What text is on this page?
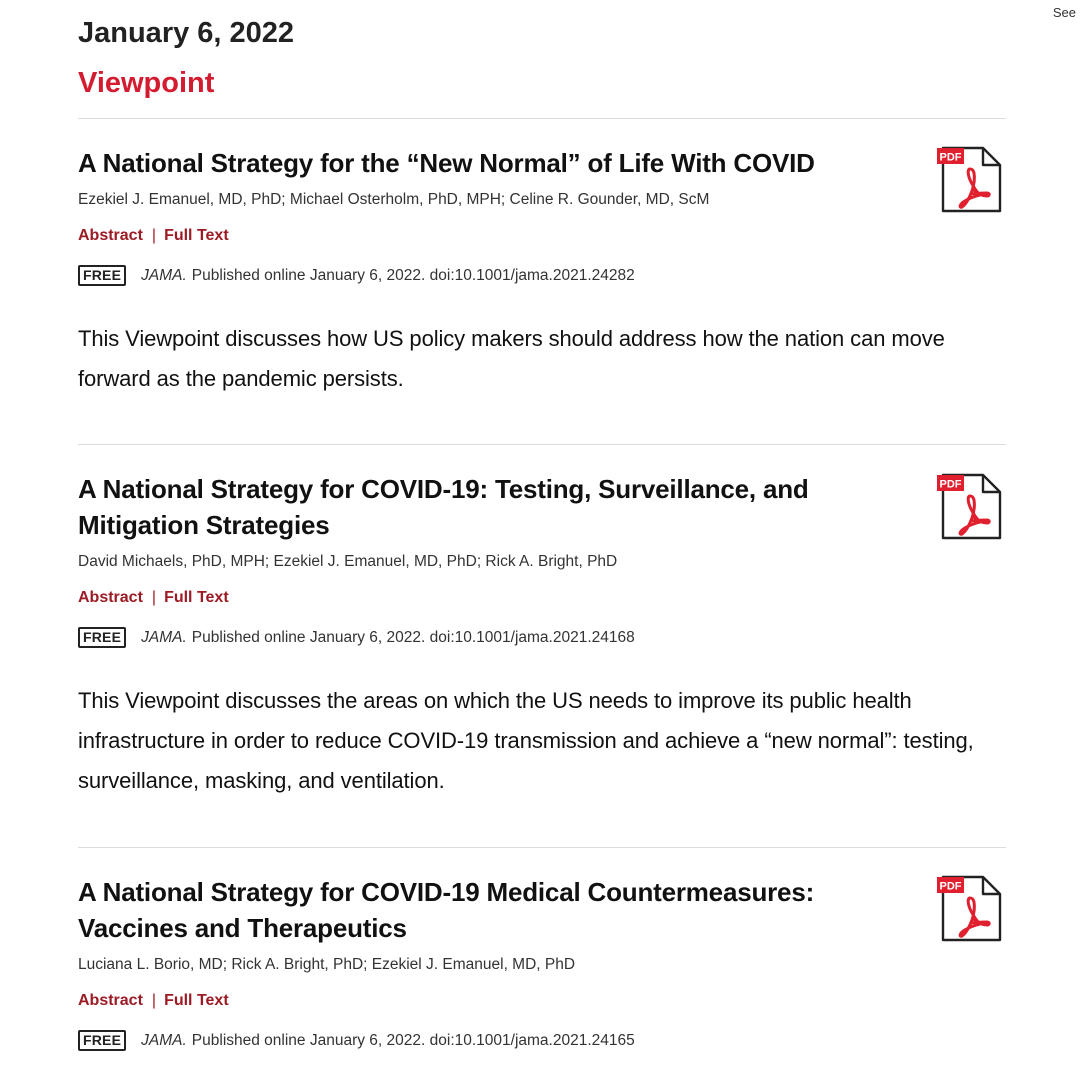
See
January 6, 2022
Viewpoint
A National Strategy for the “New Normal” of Life With COVID
Ezekiel J. Emanuel, MD, PhD; Michael Osterholm, PhD, MPH; Celine R. Gounder, MD, ScM
Abstract | Full Text
FREE	JAMA. Published online January 6, 2022. doi:10.1001/jama.2021.24282
This Viewpoint discusses how US policy makers should address how the nation can move forward as the pandemic persists.
PDF
A National Strategy for COVID-19: Testing, Surveillance, and Mitigation Strategies
David Michaels, PhD, MPH; Ezekiel J. Emanuel, MD, PhD; Rick A. Bright, PhD
Abstract | Full Text
FREE	JAMA. Published online January 6, 2022. doi:10.1001/jama.2021.24168
This Viewpoint discusses the areas on which the US needs to improve its public health infrastructure in order to reduce COVID-19 transmission and achieve a “new normal”: testing, surveillance, masking, and ventilation.
PDF
A National Strategy for COVID-19 Medical Countermeasures: Vaccines and Therapeutics
Luciana L. Borio, MD; Rick A. Bright, PhD; Ezekiel J. Emanuel, MD, PhD
Abstract | Full Text
FREE	JAMA. Published online January 6, 2022. doi:10.1001/jama.2021.24165
PDF
